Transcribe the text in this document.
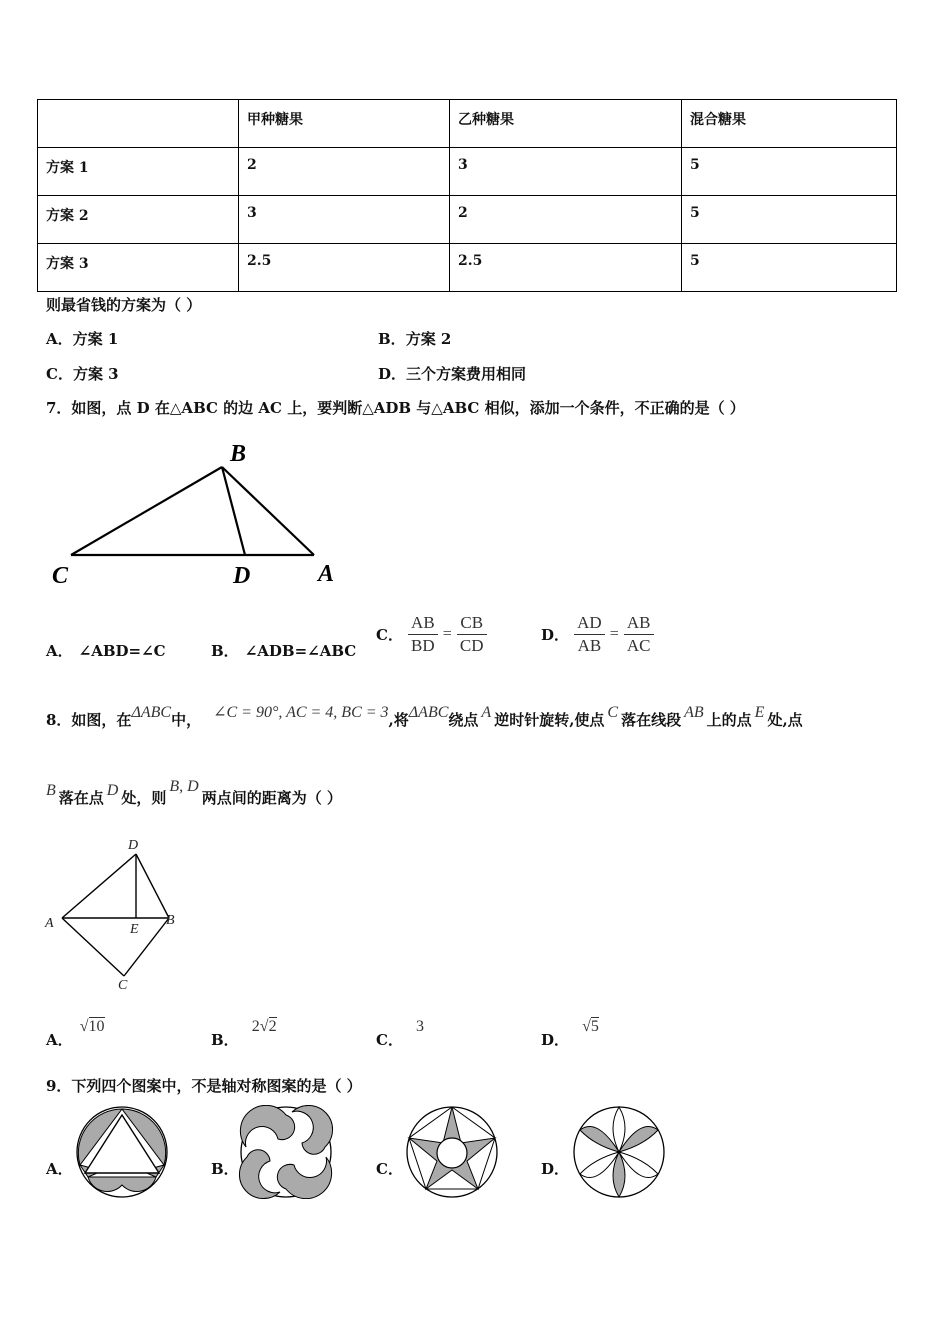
	甲种糖果	乙种糖果	混合糖果
方案 1	2	3	5
方案 2	3	2	5
方案 3	2.5	2.5	5
则最省钱的方案为（ ）
A．方案 1	B．方案 2
C．方案 3	D．三个方案费用相同
7．如图，点 D 在△ABC 的边 AC 上，要判断△ADB 与△ABC 相似，添加一个条件，不正确的是（ ）
B
C	D	A
A． ∠ABD=∠C	B． ∠ADB=∠ABC
C． $\frac{AB}{BD} = \frac{CB}{CD}$	D． $\frac{AD}{AB} = \frac{AB}{AC}$
8．如图，在ΔABC中， ∠C = 90°, AC = 4, BC = 3,将ΔABC绕点 A 逆时针旋转,使点 C 落在线段 AB 上的点 E 处,点
B 落在点 D 处，则B, D两点间的距离为（ ）
D
A	E
B
C
A． √10
B． 2√2
C． 3
D． √5
9．下列四个图案中，不是轴对称图案的是（ ）
A．	B．	C．	D．
